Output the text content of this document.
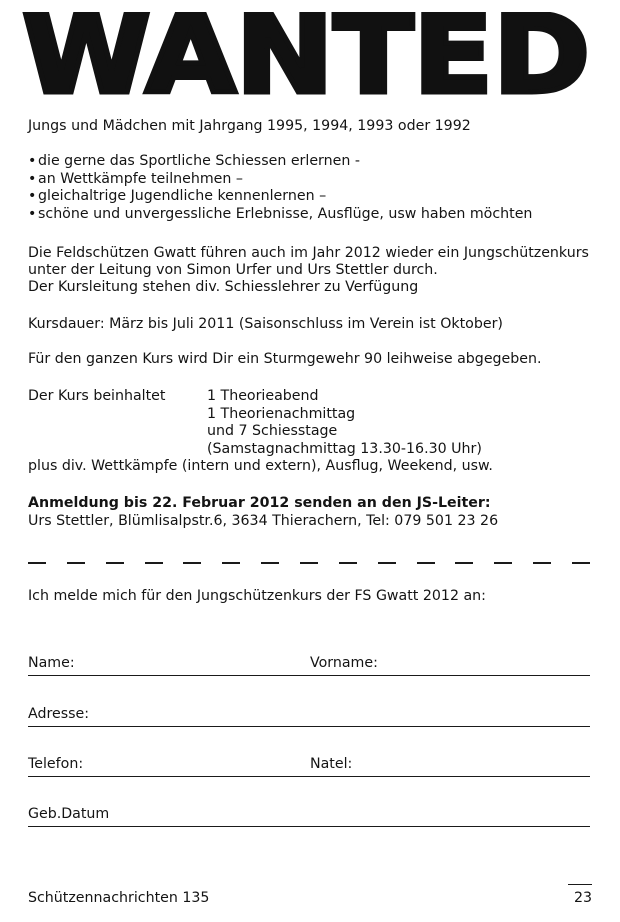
WANTED
Jungs und Mädchen mit Jahrgang 1995, 1994, 1993 oder 1992
• die gerne das Sportliche Schiessen erlernen -
• an Wettkämpfe teilnehmen –
• gleichaltrige Jugendliche kennenlernen –
• schöne und unvergessliche Erlebnisse, Ausflüge, usw haben möchten
Die Feldschützen Gwatt führen auch im Jahr 2012 wieder ein Jungschützenkurs
unter der Leitung von Simon Urfer und Urs Stettler durch.
Der Kursleitung stehen div. Schiesslehrer zu Verfügung
Kursdauer: März bis Juli 2011 (Saisonschluss im Verein ist Oktober)
Für den ganzen Kurs wird Dir ein Sturmgewehr 90 leihweise abgegeben.
Der Kurs beinhaltet	1 Theorieabend
1 Theorienachmittag
und 7 Schiesstage
(Samstagnachmittag 13.30-16.30 Uhr)
plus div. Wettkämpfe (intern und extern), Ausflug, Weekend, usw.
Anmeldung bis 22. Februar 2012 senden an den JS-Leiter:
Urs Stettler, Blümlisalpstr.6, 3634 Thierachern, Tel: 079 501 23 26
Ich melde mich für den Jungschützenkurs der FS Gwatt 2012 an:
Name:	Vorname:
Adresse:
Telefon:	Natel:
Geb.Datum
Schützennachrichten 135	23
